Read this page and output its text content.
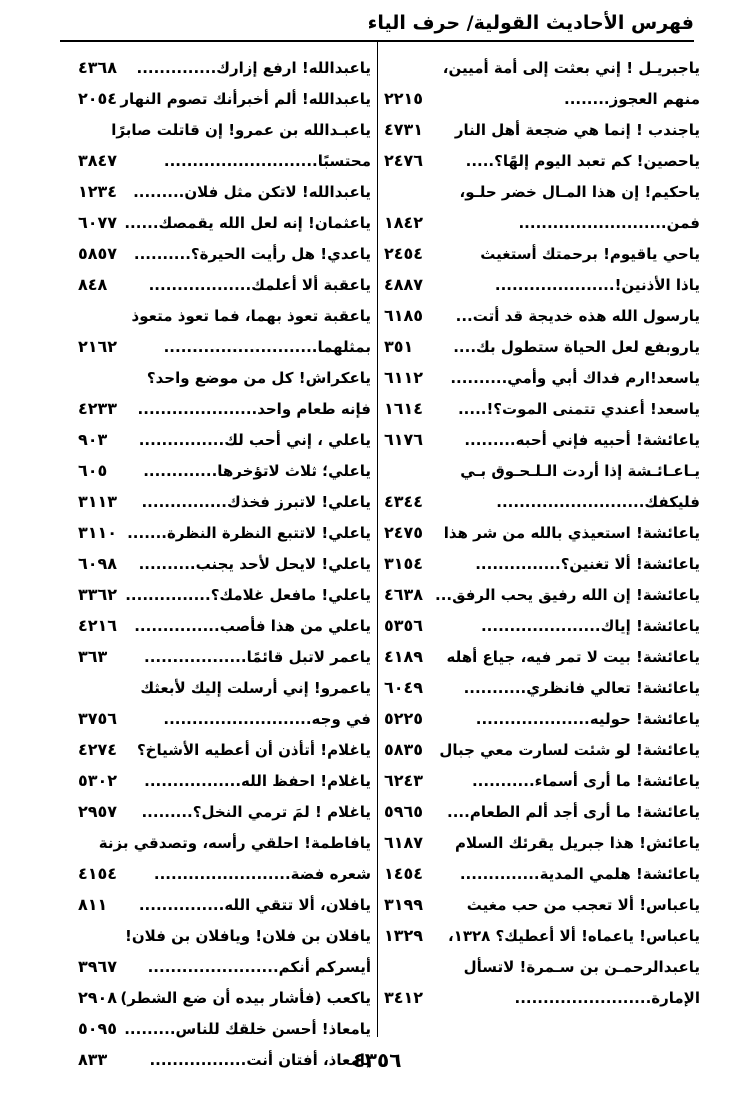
فهرس الأحاديث القولية/ حرف الياء
ياجبريـل ! إني بعثت إلى أمة أميين،
منهم العجوز........
٢٢١٥
ياجندب ! إنما هي ضجعة أهل النار
٤٧٣١
ياحصين! كم تعبد اليوم إلهًا؟.....
٢٤٧٦
ياحكيم! إن هذا المـال خضر حلـو،
فمن..........................
١٨٤٢
ياحي ياقيوم! برحمتك أستغيث
٢٤٥٤
ياذا الأذنين!.....................
٤٨٨٧
يارسول الله هذه خديجة قد أتت...
٦١٨٥
ياروبفع لعل الحياة ستطول بك....
٣٥١
ياسعد!ارم فداك أبي وأمي..........
٦١١٢
ياسعد! أعندي تتمنى الموت؟!.....
١٦١٤
ياعائشة! أحبيه فإني أحبه.........
٦١٧٦
يـاعـائـشة إذا أردت الـلـحـوق بـي
فليكفك..........................
٤٣٤٤
ياعائشة! استعيذي بالله من شر هذا
٢٤٧٥
ياعائشة! ألا تغنين؟...............
٣١٥٤
ياعائشة! إن الله رفيق يحب الرفق...
٤٦٣٨
ياعائشة! إياك.....................
٥٣٥٦
ياعائشة! بيت لا تمر فيه، جياع أهله
٤١٨٩
ياعائشة! تعالي فانظري...........
٦٠٤٩
ياعائشة! حوليه....................
٥٢٢٥
ياعائشة! لو شئت لسارت معي جبال
٥٨٣٥
ياعائشة! ما أرى أسماء...........
٦٢٤٣
ياعائشة! ما أرى أجد ألم الطعام....
٥٩٦٥
ياعائش! هذا جبريل يقرئك السلام
٦١٨٧
ياعائشة! هلمي المدية..............
١٤٥٤
ياعباس! ألا تعجب من حب مغيث
٣١٩٩
ياعباس! ياعماه! ألا أعطيك؟ ١٣٢٨،
١٣٢٩
ياعبدالرحمـن بن سـمرة! لاتسأل
الإمارة........................
٣٤١٢
ياعبدالله! ارفع إزارك..............
٤٣٦٨
ياعبدالله! ألم أخبرأنك تصوم النهار
٢٠٥٤
ياعبـدالله بن عمرو! إن قاتلت صابرًا
محتسبًا...........................
٣٨٤٧
ياعبدالله! لاتكن مثل فلان.........
١٢٣٤
ياعثمان! إنه لعل الله يقمصك......
٦٠٧٧
ياعدي! هل رأيت الحيرة؟..........
٥٨٥٧
ياعقبة ألا أعلمك..................
٨٤٨
ياعقبة تعوذ بهما، فما تعوذ متعوذ
بمثلهما...........................
٢١٦٢
ياعكراش! كل من موضع واحد؟
فإنه طعام واحد.....................
٤٢٣٣
ياعلي ، إني أحب لك...............
٩٠٣
ياعلي؛ ثلاث لاتؤخرها.............
٦٠٥
ياعلي! لاتبرز فخذك...............
٣١١٣
ياعلي! لاتتبع النظرة النظرة.......
٣١١٠
ياعلي! لايحل لأحد يجنب..........
٦٠٩٨
ياعلي! مافعل غلامك؟...............
٣٣٦٢
ياعلي من هذا فأصب...............
٤٢١٦
ياعمر لاتبل قائمًا..................
٣٦٣
ياعمرو! إني أرسلت إليك لأبعثك
في وجه..........................
٣٧٥٦
ياغلام! أتأذن أن أعطيه الأشياخ؟
٤٢٧٤
ياغلام! احفظ الله.................
٥٣٠٢
ياغلام ! لمَ ترمي النخل؟.........
٢٩٥٧
يافاطمة! احلقي رأسه، وتصدقي بزنة
شعره فضة........................
٤١٥٤
يافلان، ألا تتقي الله...............
٨١١
يافلان بن فلان! ويافلان بن فلان!
أيسركم أنكم.......................
٣٩٦٧
ياكعب (فأشار بيده أن ضع الشطر)
٢٩٠٨
يامعاذ! أحسن خلقك للناس.........
٥٠٩٥
يامعاذ، أفتان أنت.................
٨٣٣	٤٣٥٦
